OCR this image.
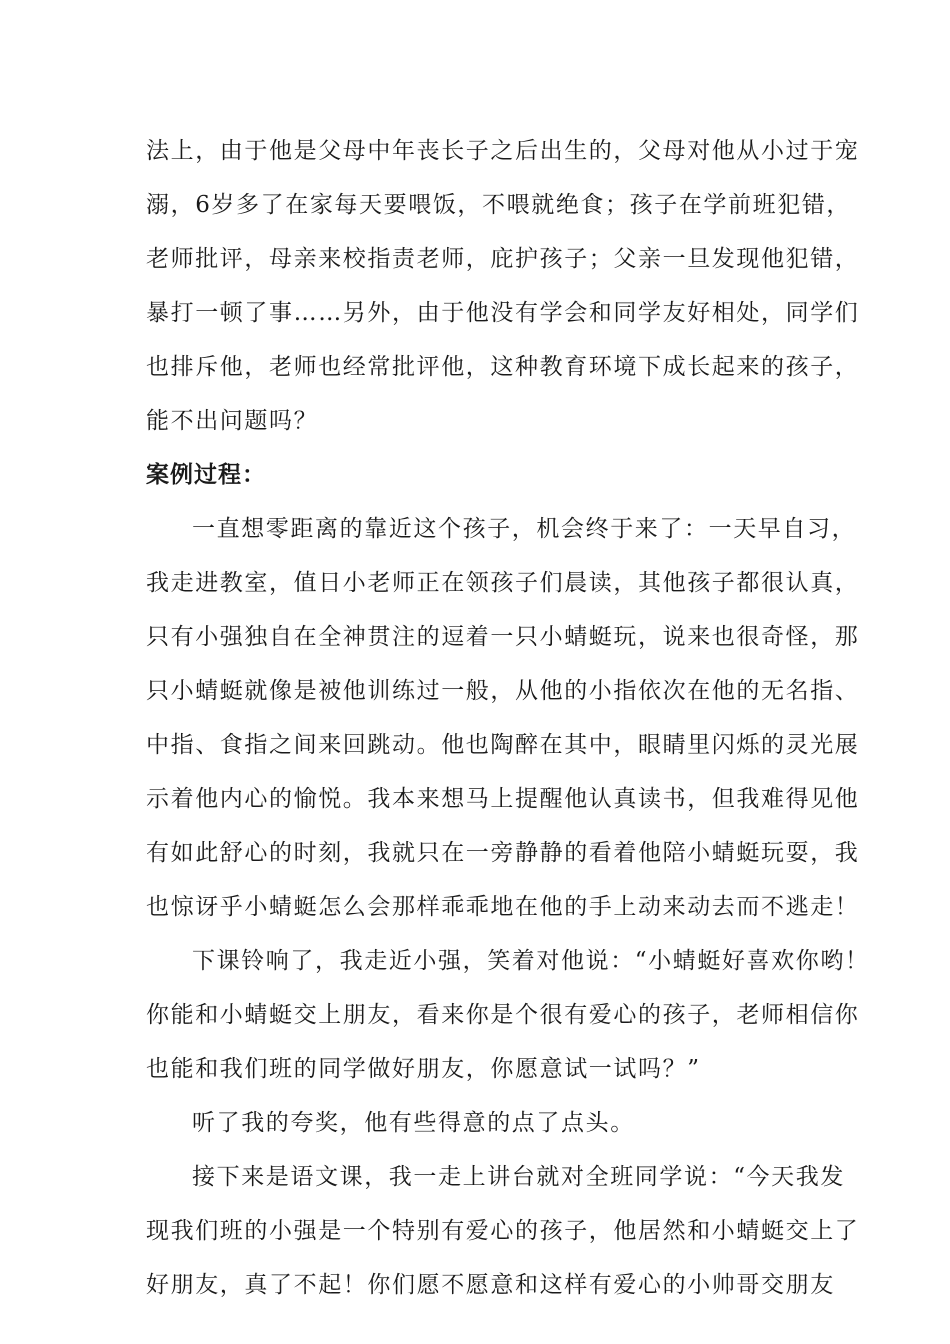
法上，由于他是父母中年丧长子之后出生的，父母对他从小过于宠
溺，6岁多了在家每天要喂饭，不喂就绝食；孩子在学前班犯错，
老师批评，母亲来校指责老师，庇护孩子；父亲一旦发现他犯错，
暴打一顿了事……另外，由于他没有学会和同学友好相处，同学们
也排斥他，老师也经常批评他，这种教育环境下成长起来的孩子，
能不出问题吗？
案例过程：
一直想零距离的靠近这个孩子，机会终于来了：一天早自习，
我走进教室，值日小老师正在领孩子们晨读，其他孩子都很认真，
只有小强独自在全神贯注的逗着一只小蜻蜓玩，说来也很奇怪，那
只小蜻蜓就像是被他训练过一般，从他的小指依次在他的无名指、
中指、食指之间来回跳动。他也陶醉在其中，眼睛里闪烁的灵光展
示着他内心的愉悦。我本来想马上提醒他认真读书，但我难得见他
有如此舒心的时刻，我就只在一旁静静的看着他陪小蜻蜓玩耍，我
也惊讶乎小蜻蜓怎么会那样乖乖地在他的手上动来动去而不逃走！
下课铃响了，我走近小强，笑着对他说：“小蜻蜓好喜欢你哟！
你能和小蜻蜓交上朋友，看来你是个很有爱心的孩子，老师相信你
也能和我们班的同学做好朋友，你愿意试一试吗？”
听了我的夸奖，他有些得意的点了点头。
接下来是语文课，我一走上讲台就对全班同学说：“今天我发
现我们班的小强是一个特别有爱心的孩子，他居然和小蜻蜓交上了
好朋友，真了不起！你们愿不愿意和这样有爱心的小帅哥交朋友
